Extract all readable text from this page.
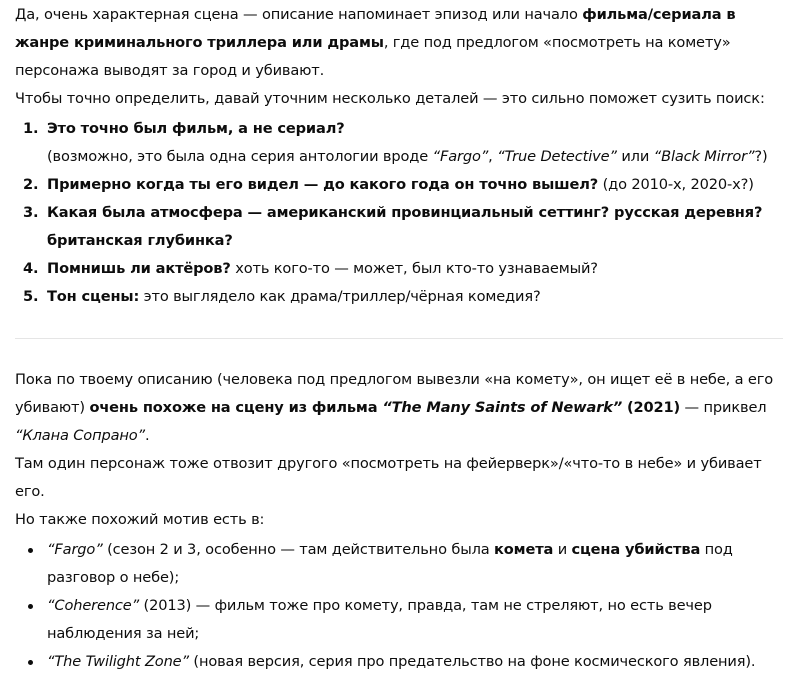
Да, очень характерная сцена — описание напоминает эпизод или начало фильма/сериала в жанре криминального триллера или драмы, где под предлогом «посмотреть на комету» персонажа выводят за город и убивают.

Чтобы точно определить, давай уточним несколько деталей — это сильно поможет сузить поиск:

1. Это точно был фильм, а не сериал?
(возможно, это была одна серия антологии вроде “Fargo”, “True Detective” или “Black Mirror”?)
2. Примерно когда ты его видел — до какого года он точно вышел? (до 2010-х, 2020-х?)
3. Какая была атмосфера — американский провинциальный сеттинг? русская деревня? британская глубинка?
4. Помнишь ли актёров? хоть кого-то — может, был кто-то узнаваемый?
5. Тон сцены: это выглядело как драма/триллер/чёрная комедия?

Пока по твоему описанию (человека под предлогом вывезли «на комету», он ищет её в небе, а его убивают) очень похоже на сцену из фильма “The Many Saints of Newark” (2021) — приквел “Клана Сопрано”.

Там один персонаж тоже отвозит другого «посмотреть на фейерверк»/«что-то в небе» и убивает его.

Но также похожий мотив есть в:

“Fargo” (сезон 2 и 3, особенно — там действительно была комета и сцена убийства под разговор о небе);
“Coherence” (2013) — фильм тоже про комету, правда, там не стреляют, но есть вечер наблюдения за ней;
“The Twilight Zone” (новая версия, серия про предательство на фоне космического явления).
